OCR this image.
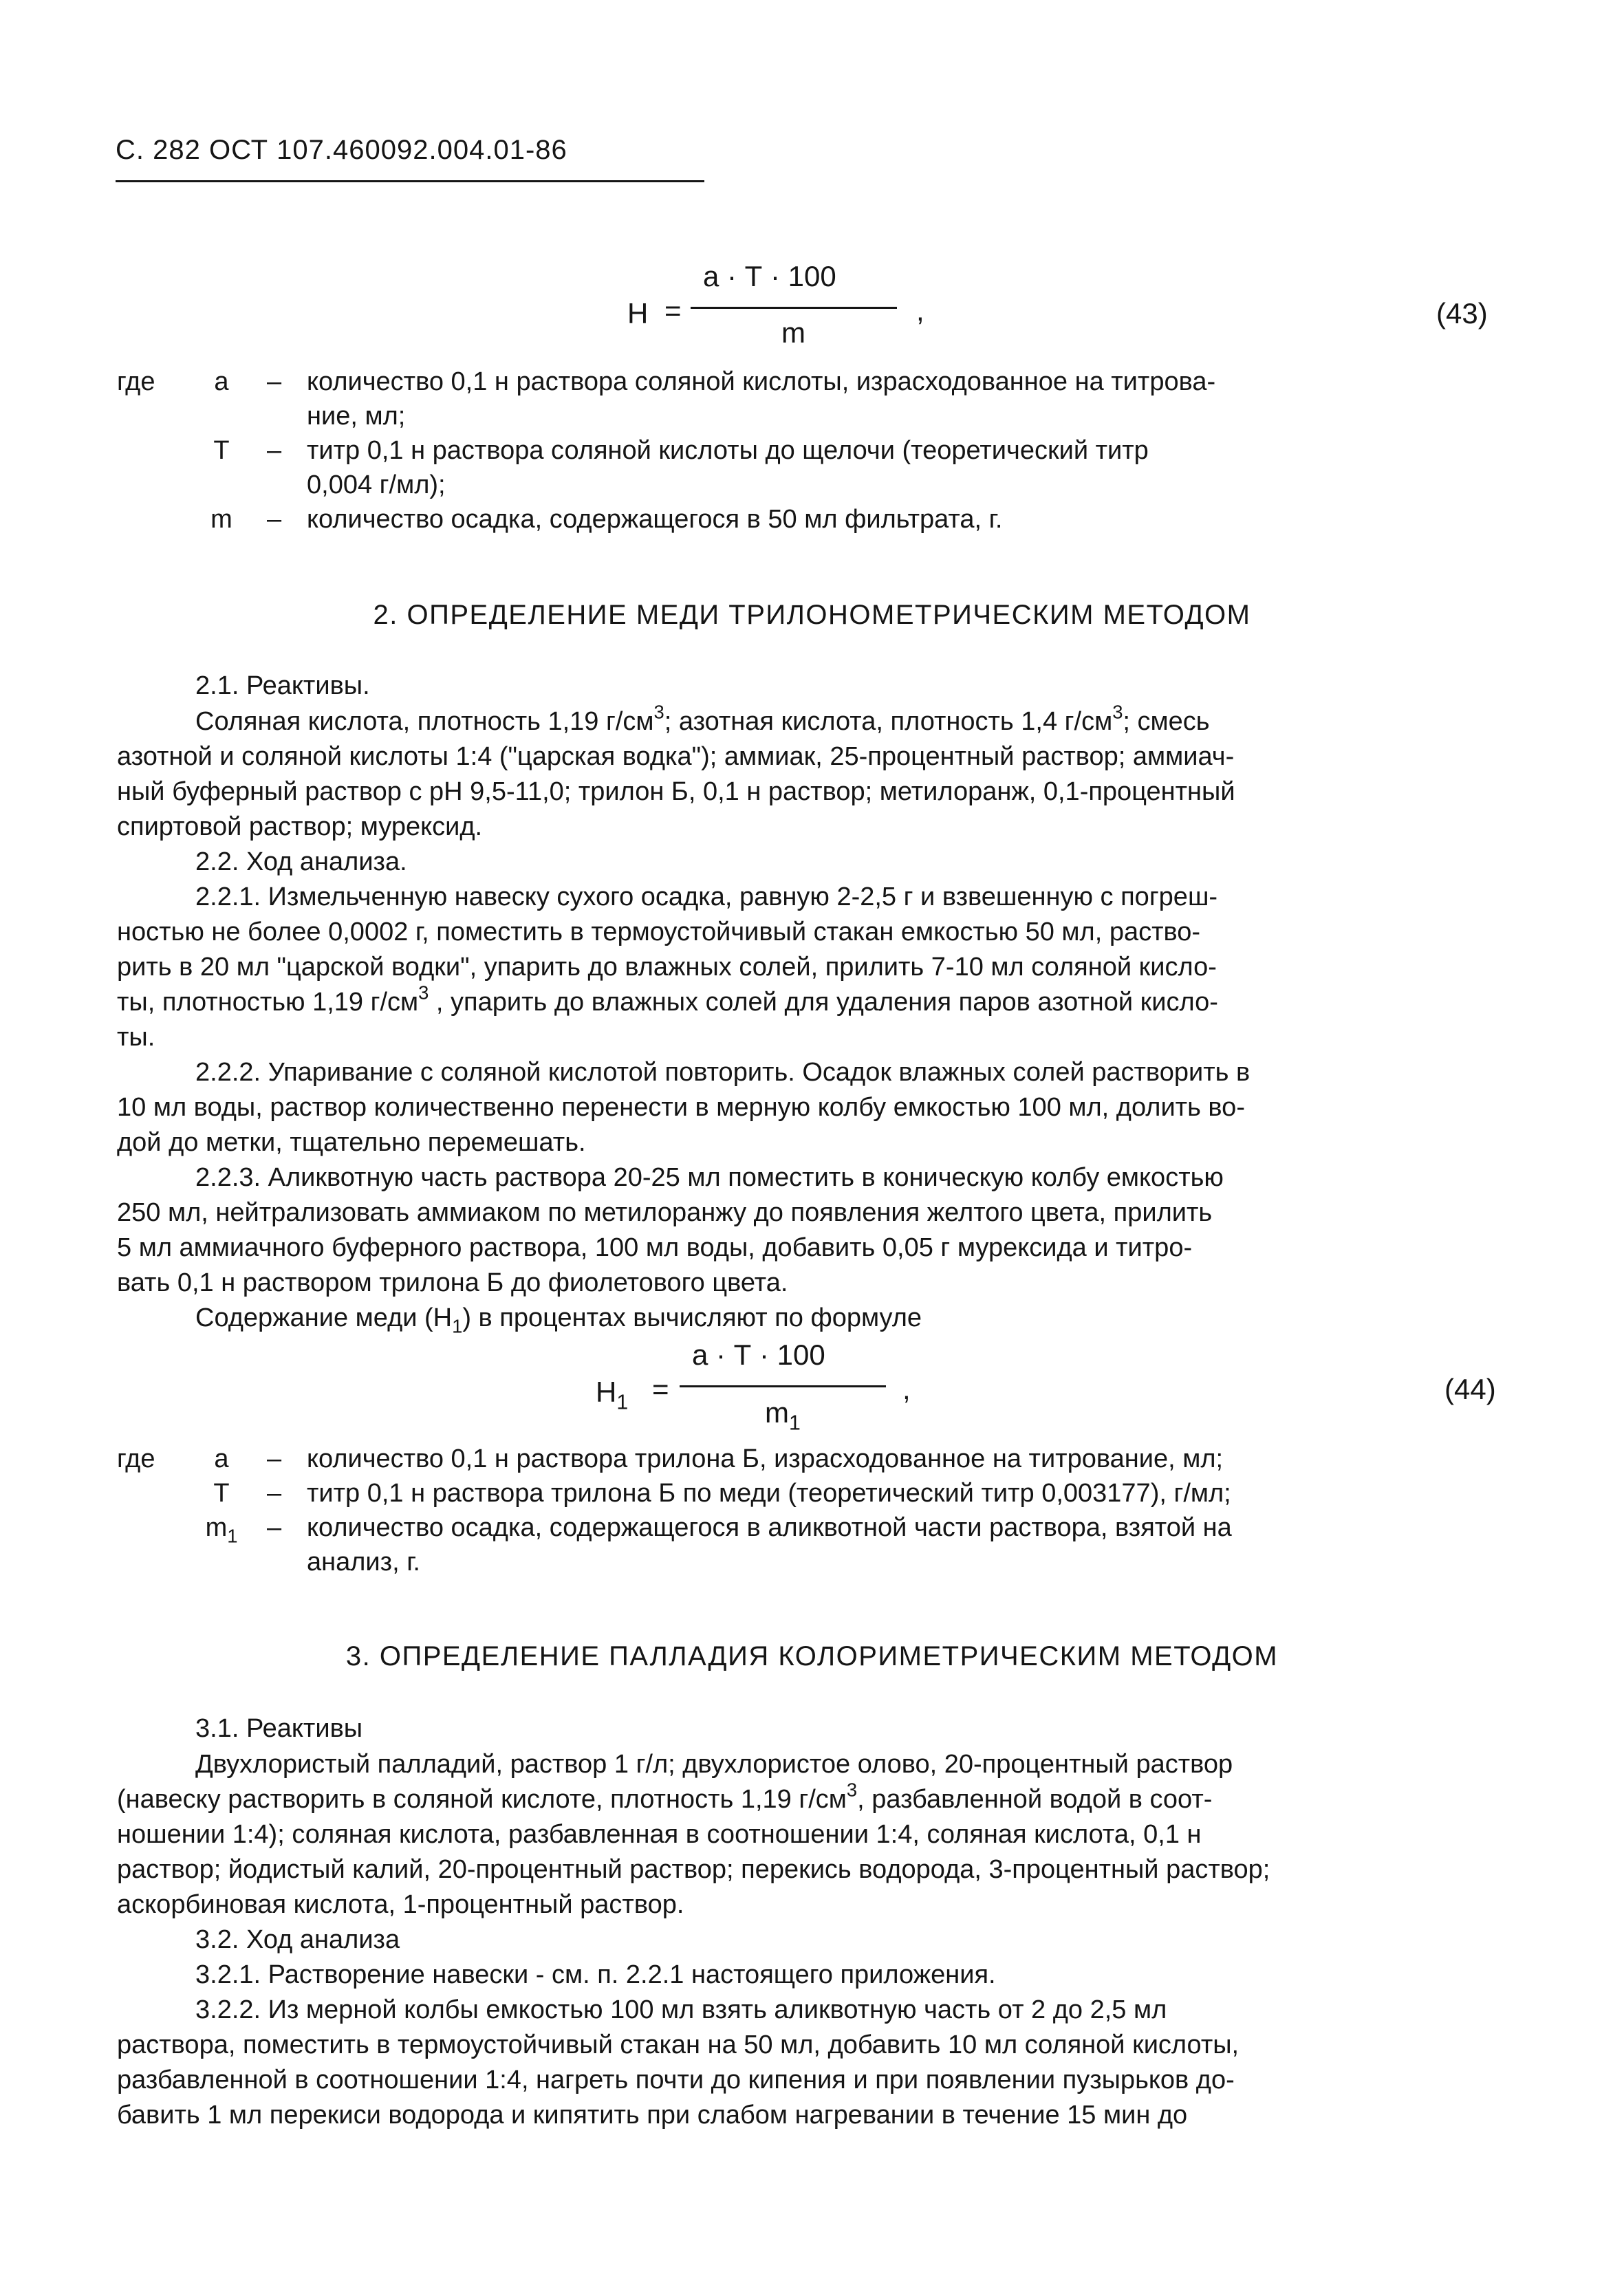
С. 282 ОСТ 107.460092.004.01-86
Н =
а · Т · 100
m
,	(43)
где	а	– количество 0,1 н раствора соляной кислоты, израсходованное на титрова-
ние, мл;
Т	– титр 0,1 н раствора соляной кислоты до щелочи (теоретический титр
0,004 г/мл);
m	– количество осадка, содержащегося в 50 мл фильтрата, г.
2. ОПРЕДЕЛЕНИЕ МЕДИ ТРИЛОНОМЕТРИЧЕСКИМ МЕТОДОМ
2.1. Реактивы.
Соляная кислота, плотность 1,19 $г/см^3$; азотная кислота, плотность 1,4 $г/см^3$; смесь
азотной и соляной кислоты 1:4 ("царская водка"); аммиак, 25-процентный раствор; аммиач-
ный буферный раствор с pH 9,5-11,0; трилон Б, 0,1 н раствор; метилоранж, 0,1-процентный
спиртовой раствор; мурексид.
2.2. Ход анализа.
2.2.1. Измельченную навеску сухого осадка, равную 2-2,5 г и взвешенную с погреш-
ностью не более 0,0002 г, поместить в термоустойчивый стакан емкостью 50 мл, раство-
рить в 20 мл "царской водки", упарить до влажных солей, прилить 7-10 мл соляной кисло-
ты, плотностью 1,19 $г/см^3$ , упарить до влажных солей для удаления паров азотной кисло-
ты.
2.2.2. Упаривание с соляной кислотой повторить. Осадок влажных солей растворить в
10 мл воды, раствор количественно перенести в мерную колбу емкостью 100 мл, долить во-
дой до метки, тщательно перемешать.
2.2.3. Аликвотную часть раствора 20-25 мл поместить в коническую колбу емкостью
250 мл, нейтрализовать аммиаком по метилоранжу до появления желтого цвета, прилить
5 мл аммиачного буферного раствора, 100 мл воды, добавить 0,05 г мурексида и титро-
вать 0,1 н раствором трилона Б до фиолетового цвета.
Содержание меди $(Н_1)$ в процентах вычисляют по формуле
$Н_1$ =
а · Т · 100
$m_1$
,	(44)
где	а	– количество 0,1 н раствора трилона Б, израсходованное на титрование, мл;
Т	– титр 0,1 н раствора трилона Б по меди (теоретический титр 0,003177), г/мл;
$m_1$ – количество осадка, содержащегося в аликвотной части раствора, взятой на
анализ, г.
3. ОПРЕДЕЛЕНИЕ ПАЛЛАДИЯ КОЛОРИМЕТРИЧЕСКИМ МЕТОДОМ
3.1. Реактивы
Двухлористый палладий, раствор 1 г/л; двухлористое олово, 20-процентный раствор
(навеску растворить в соляной кислоте, плотность 1,19 $г/см^3$, разбавленной водой в соот-
ношении 1:4); соляная кислота, разбавленная в соотношении 1:4, соляная кислота, 0,1 н
раствор; йодистый калий, 20-процентный раствор; перекись водорода, 3-процентный раствор;
аскорбиновая кислота, 1-процентный раствор.
3.2. Ход анализа
3.2.1. Растворение навески - см. п. 2.2.1 настоящего приложения.
3.2.2. Из мерной колбы емкостью 100 мл взять аликвотную часть от 2 до 2,5 мл
раствора, поместить в термоустойчивый стакан на 50 мл, добавить 10 мл соляной кислоты,
разбавленной в соотношении 1:4, нагреть почти до кипения и при появлении пузырьков до-
бавить 1 мл перекиси водорода и кипятить при слабом нагревании в течение 15 мин до
